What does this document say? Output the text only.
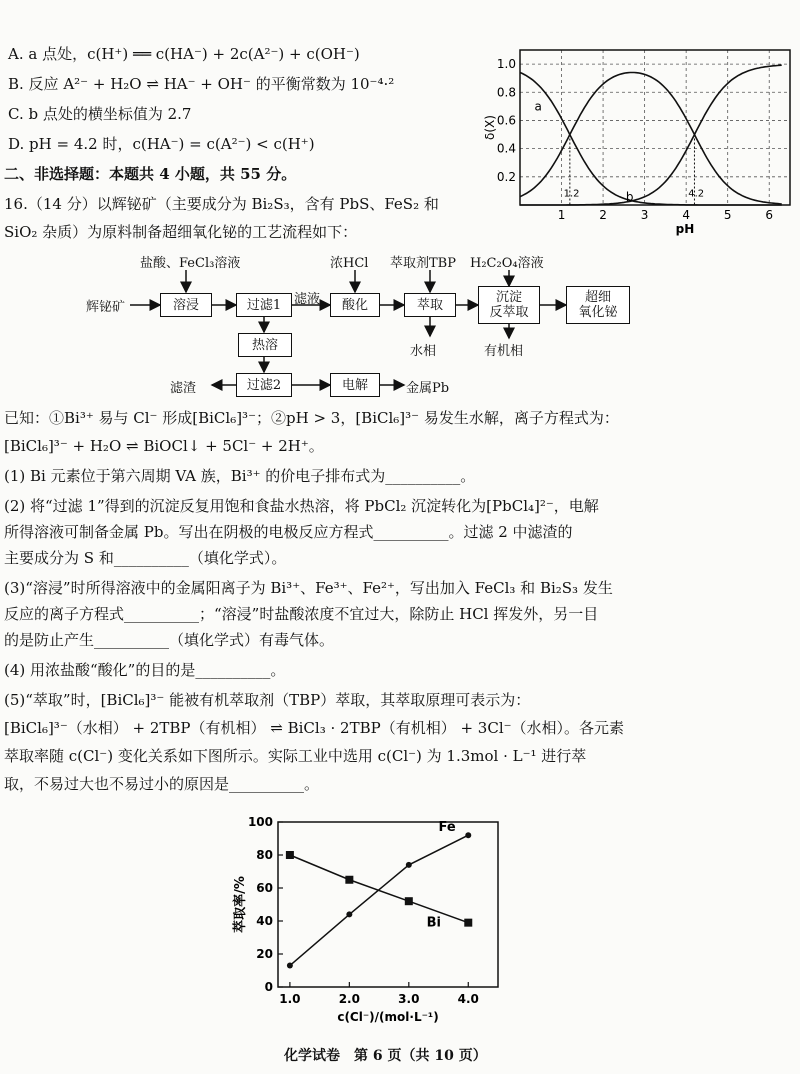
A. a 点处，c(H⁺) ══ c(HA⁻) + 2c(A²⁻) + c(OH⁻)
B. 反应 A²⁻ + H₂O ⇌ HA⁻ + OH⁻ 的平衡常数为 10⁻⁴·²
C. b 点处的横坐标值为 2.7
D. pH = 4.2 时，c(HA⁻) = c(A²⁻) < c(H⁺)
二、非选择题：本题共 4 小题，共 55 分。
16.（14 分）以辉铋矿（主要成分为 Bi₂S₃，含有 PbS、FeS₂ 和
SiO₂ 杂质）为原料制备超细氧化铋的工艺流程如下：
0.2
0.4
0.6
0.8
1.0
1	2	3	4	5	6
pH
δ(X)
a
b
1.2	4.2
盐酸、FeCl₃溶液	浓HCl 萃取剂TBP H₂C₂O₄溶液
辉铋矿	溶浸	过滤1 滤液 酸化	萃取	沉淀
反萃取
超细
氧化铋
热溶
过滤2	电解
滤渣	金属Pb
水相	有机相
已知：①Bi³⁺ 易与 Cl⁻ 形成[BiCl₆]³⁻；②pH > 3，[BiCl₆]³⁻ 易发生水解，离子方程式为：
[BiCl₆]³⁻ + H₂O ⇌ BiOCl↓ + 5Cl⁻ + 2H⁺。
(1) Bi 元素位于第六周期 VA 族，Bi³⁺ 的价电子排布式为__________。
(2) 将“过滤 1”得到的沉淀反复用饱和食盐水热溶，将 PbCl₂ 沉淀转化为[PbCl₄]²⁻，电解
所得溶液可制备金属 Pb。写出在阴极的电极反应方程式__________。过滤 2 中滤渣的
主要成分为 S 和__________（填化学式）。
(3)“溶浸”时所得溶液中的金属阳离子为 Bi³⁺、Fe³⁺、Fe²⁺，写出加入 FeCl₃ 和 Bi₂S₃ 发生
反应的离子方程式__________；“溶浸”时盐酸浓度不宜过大，除防止 HCl 挥发外，另一目
的是防止产生__________（填化学式）有毒气体。
(4) 用浓盐酸“酸化”的目的是__________。
(5)“萃取”时，[BiCl₆]³⁻ 能被有机萃取剂（TBP）萃取，其萃取原理可表示为：
[BiCl₆]³⁻（水相） + 2TBP（有机相） ⇌ BiCl₃ · 2TBP（有机相） + 3Cl⁻（水相）。各元素
萃取率随 c(Cl⁻) 变化关系如下图所示。实际工业中选用 c(Cl⁻) 为 1.3mol · L⁻¹ 进行萃
取，不易过大也不易过小的原因是__________。
0
20
40
60
80
100
1.0	2.0	3.0	4.0
c(Cl⁻)/(mol·L⁻¹)
萃取率/%
Fe
Bi
化学试卷　第 6 页（共 10 页）
